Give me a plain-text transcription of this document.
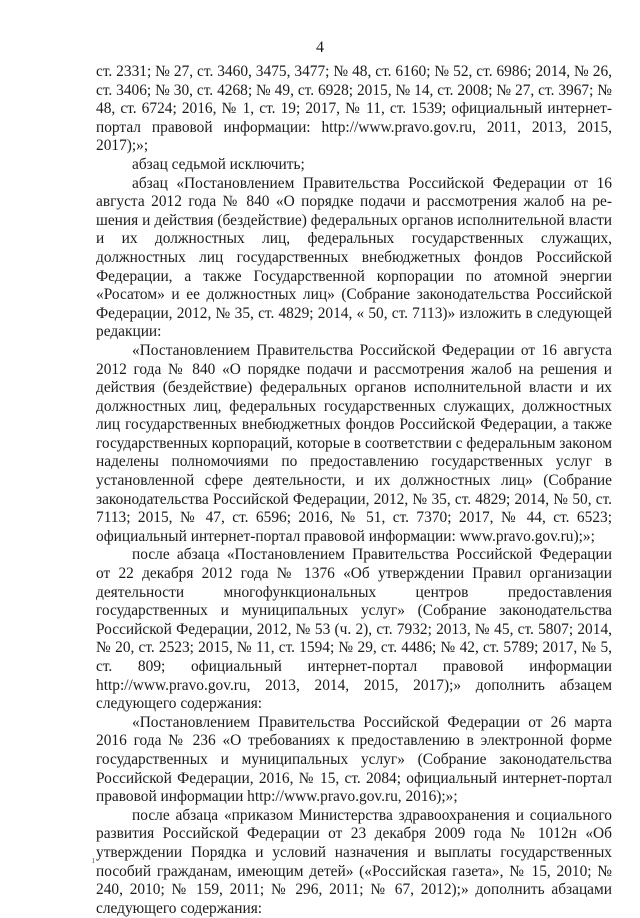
4

ст. 2331; № 27, ст. 3460, 3475, 3477; № 48, ст. 6160; № 52, ст. 6986; 2014, № 26, ст. 3406; № 30, ст. 4268; № 49, ст. 6928; 2015, № 14, ст. 2008; № 27, ст. 3967; № 48, ст. 6724; 2016, № 1, ст. 19; 2017, № 11, ст. 1539; официальный интернет-портал правовой информации: http://www.pravo.gov.ru, 2011, 2013, 2015, 2017);»;

абзац седьмой исключить;

абзац «Постановлением Правительства Российской Федерации от 16 августа 2012 года № 840 «О порядке подачи и рассмотрения жалоб на решения и действия (бездействие) федеральных органов исполнительной власти и их должностных лиц, федеральных государственных служащих, должностных лиц государственных внебюджетных фондов Российской Федерации, а также Государственной корпорации по атомной энергии «Росатом» и ее должностных лиц» (Собрание законодательства Российской Федерации, 2012, № 35, ст. 4829; 2014, « 50, ст. 7113)» изложить в следующей редакции:

«Постановлением Правительства Российской Федерации от 16 августа 2012 года № 840 «О порядке подачи и рассмотрения жалоб на решения и действия (бездействие) федеральных органов исполнительной власти и их должностных лиц, федеральных государственных служащих, должностных лиц государственных внебюджетных фондов Российской Федерации, а также государственных корпораций, которые в соответствии с федеральным законом наделены полномочиями по предоставлению государственных услуг в установленной сфере деятельности, и их должностных лиц» (Собрание законодательства Российской Федерации, 2012, № 35, ст. 4829; 2014, № 50, ст. 7113; 2015, № 47, ст. 6596; 2016, № 51, ст. 7370; 2017, № 44, ст. 6523; официальный интернет-портал правовой информации: www.pravo.gov.ru);»;

после абзаца «Постановлением Правительства Российской Федерации от 22 декабря 2012 года № 1376 «Об утверждении Правил организации деятельности многофункциональных центров предоставления государственных и муниципальных услуг» (Собрание законодательства Российской Федерации, 2012, № 53 (ч. 2), ст. 7932; 2013, № 45, ст. 5807; 2014, № 20, ст. 2523; 2015, № 11, ст. 1594; № 29, ст. 4486; № 42, ст. 5789; 2017, № 5, ст. 809; официальный интернет-портал правовой информации http://www.pravo.gov.ru, 2013, 2014, 2015, 2017);» дополнить абзацем следующего содержания:

«Постановлением Правительства Российской Федерации от 26 марта 2016 года № 236 «О требованиях к предоставлению в электронной форме государственных и муниципальных услуг» (Собрание законодательства Российской Федерации, 2016, № 15, ст. 2084; официальный интернет-портал правовой информации http://www.pravo.gov.ru, 2016);»;

после абзаца «приказом Министерства здравоохранения и социального развития Российской Федерации от 23 декабря 2009 года № 1012н «Об утверждении Порядка и условий назначения и выплаты государственных пособий гражданам, имеющим детей» («Российская газета», № 15, 2010; № 240, 2010; № 159, 2011; № 296, 2011; № 67, 2012);» дополнить абзацами следующего содержания:

ı
